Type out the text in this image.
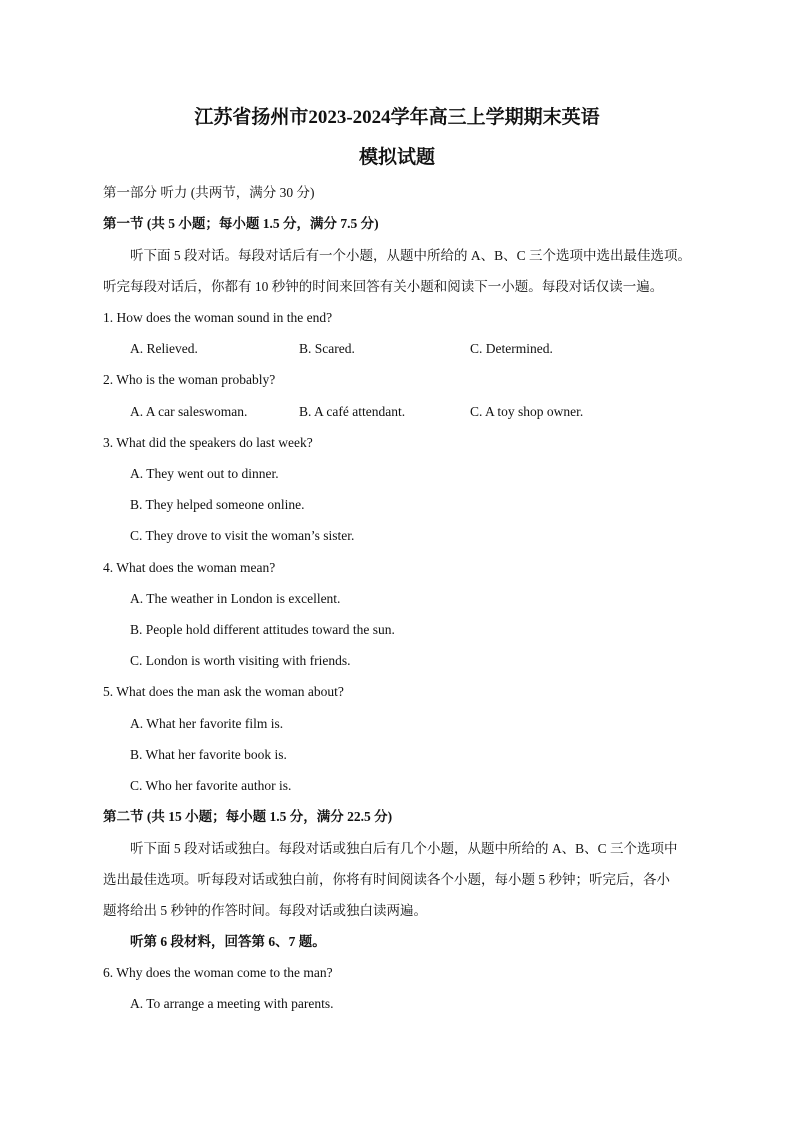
江苏省扬州市2023-2024学年高三上学期期末英语
模拟试题
第一部分 听力 (共两节，满分 30 分)
第一节 (共 5 小题；每小题 1.5 分，满分 7.5 分)
听下面 5 段对话。每段对话后有一个小题，从题中所给的 A、B、C 三个选项中选出最佳选项。
听完每段对话后，你都有 10 秒钟的时间来回答有关小题和阅读下一小题。每段对话仅读一遍。
1. How does the woman sound in the end?
A. Relieved.	B. Scared.	C. Determined.
2. Who is the woman probably?
A. A car saleswoman.	B. A café attendant.	C. A toy shop owner.
3. What did the speakers do last week?
A. They went out to dinner.
B. They helped someone online.
C. They drove to visit the woman’s sister.
4. What does the woman mean?
A. The weather in London is excellent.
B. People hold different attitudes toward the sun.
C. London is worth visiting with friends.
5. What does the man ask the woman about?
A. What her favorite film is.
B. What her favorite book is.
C. Who her favorite author is.
第二节 (共 15 小题；每小题 1.5 分，满分 22.5 分)
听下面 5 段对话或独白。每段对话或独白后有几个小题，从题中所给的 A、B、C 三个选项中
选出最佳选项。听每段对话或独白前，你将有时间阅读各个小题，每小题 5 秒钟；听完后，各小
题将给出 5 秒钟的作答时间。每段对话或独白读两遍。
听第 6 段材料，回答第 6、7 题。
6. Why does the woman come to the man?
A. To arrange a meeting with parents.
